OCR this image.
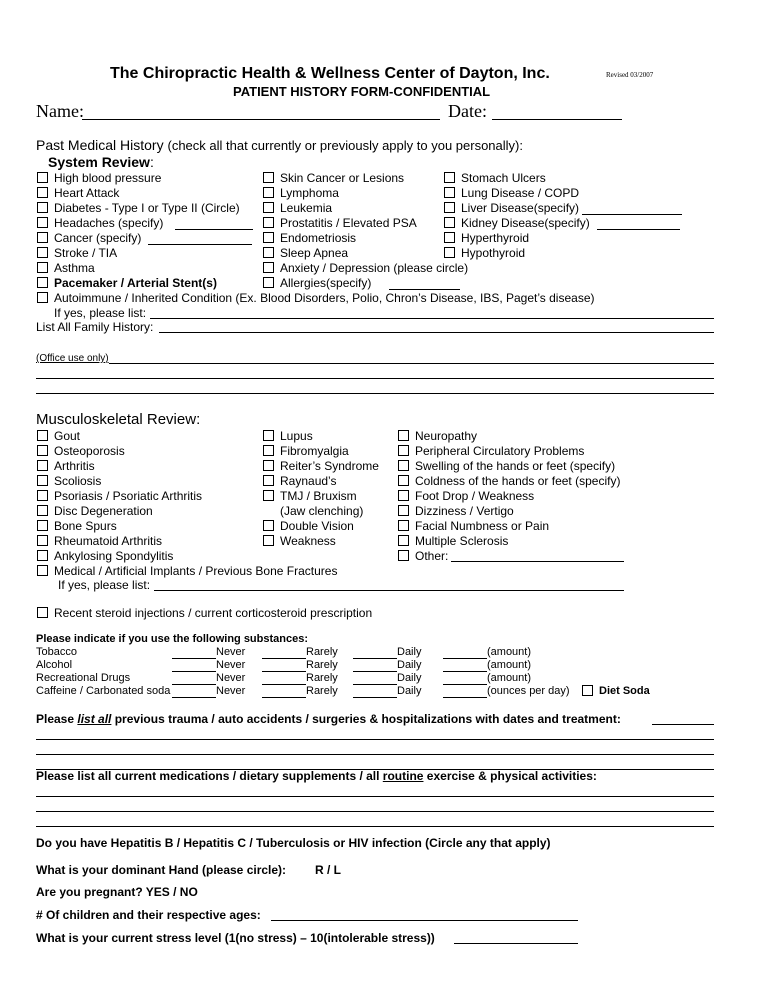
The Chiropractic Health & Wellness Center of Dayton, Inc.	Revised 03/2007
PATIENT HISTORY FORM-CONFIDENTIAL
Name:	Date:
Past Medical History (check all that currently or previously apply to you personally):
System Review:
High blood pressure
Heart Attack
Diabetes - Type I or Type II (Circle)
Headaches (specify)
Cancer (specify)
Stroke / TIA
Asthma
Pacemaker / Arterial Stent(s)
Skin Cancer or Lesions
Lymphoma
Leukemia
Prostatitis / Elevated PSA
Endometriosis
Sleep Apnea
Anxiety / Depression (please circle)
Allergies(specify)
Stomach Ulcers
Lung Disease / COPD
Liver Disease(specify)
Kidney Disease(specify)
Hyperthyroid
Hypothyroid
Autoimmune / Inherited Condition (Ex. Blood Disorders, Polio, Chron’s Disease, IBS, Paget’s disease)
If yes, please list:
List All Family History:
(Office use only)
Musculoskeletal Review:
Gout
Osteoporosis
Arthritis
Scoliosis
Psoriasis / Psoriatic Arthritis
Disc Degeneration
Bone Spurs
Rheumatoid Arthritis
Ankylosing Spondylitis
Medical / Artificial Implants / Previous Bone Fractures
If yes, please list:
Lupus
Fibromyalgia
Reiter’s Syndrome
Raynaud’s
TMJ / Bruxism
(Jaw clenching)
Double Vision
Weakness
Neuropathy
Peripheral Circulatory Problems
Swelling of the hands or feet (specify)
Coldness of the hands or feet (specify)
Foot Drop / Weakness
Dizziness / Vertigo
Facial Numbness or Pain
Multiple Sclerosis
Other:
Recent steroid injections / current corticosteroid prescription
Please indicate if you use the following substances:
Tobacco	Never	Rarely	Daily	(amount)
Alcohol	Never	Rarely	Daily	(amount)
Recreational Drugs	Never	Rarely	Daily	(amount)
Caffeine / Carbonated soda	Never	Rarely	Daily	(ounces per day)	Diet Soda
Please list all previous trauma / auto accidents / surgeries & hospitalizations with dates and treatment:
Please list all current medications / dietary supplements / all routine exercise & physical activities:
Do you have Hepatitis B / Hepatitis C / Tuberculosis or HIV infection (Circle any that apply)
What is your dominant Hand (please circle): R / L
Are you pregnant? YES / NO
# Of children and their respective ages:
What is your current stress level (1(no stress) – 10(intolerable stress))
